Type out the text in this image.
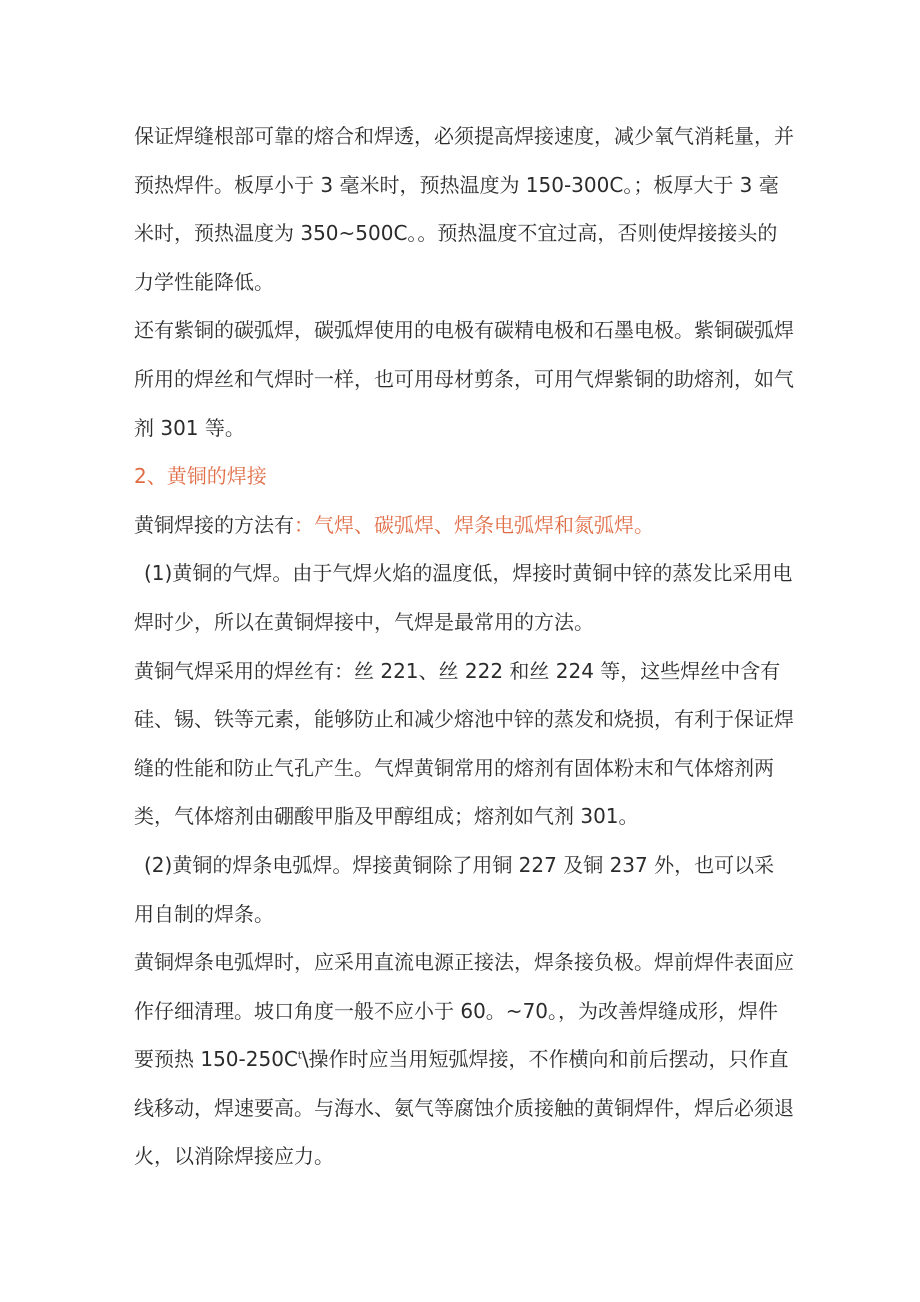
保证焊缝根部可靠的熔合和焊透，必须提高焊接速度，减少氧气消耗量，并预热焊件。板厚小于 3 毫米时，预热温度为 150-300C。；板厚大于 3 毫米时，预热温度为 350~500C。。预热温度不宜过高，否则使焊接接头的力学性能降低。

还有紫铜的碳弧焊，碳弧焊使用的电极有碳精电极和石墨电极。紫铜碳弧焊所用的焊丝和气焊时一样，也可用母材剪条，可用气焊紫铜的助熔剂，如气剂 301 等。

2、黄铜的焊接

黄铜焊接的方法有：气焊、碳弧焊、焊条电弧焊和氮弧焊。

(1)黄铜的气焊。由于气焊火焰的温度低，焊接时黄铜中锌的蒸发比采用电焊时少，所以在黄铜焊接中，气焊是最常用的方法。

黄铜气焊采用的焊丝有：丝 221、丝 222 和丝 224 等，这些焊丝中含有硅、锡、铁等元素，能够防止和减少熔池中锌的蒸发和烧损，有利于保证焊缝的性能和防止气孔产生。气焊黄铜常用的熔剂有固体粉末和气体熔剂两类，气体熔剂由硼酸甲脂及甲醇组成；熔剂如气剂 301。

(2)黄铜的焊条电弧焊。焊接黄铜除了用铜 227 及铜 237 外，也可以采用自制的焊条。

黄铜焊条电弧焊时，应采用直流电源正接法，焊条接负极。焊前焊件表面应作仔细清理。坡口角度一般不应小于 60。~70。，为改善焊缝成形，焊件要预热 $150-250C^t\backslash$操作时应当用短弧焊接，不作横向和前后摆动，只作直线移动，焊速要高。与海水、氨气等腐蚀介质接触的黄铜焊件，焊后必须退火，以消除焊接应力。
